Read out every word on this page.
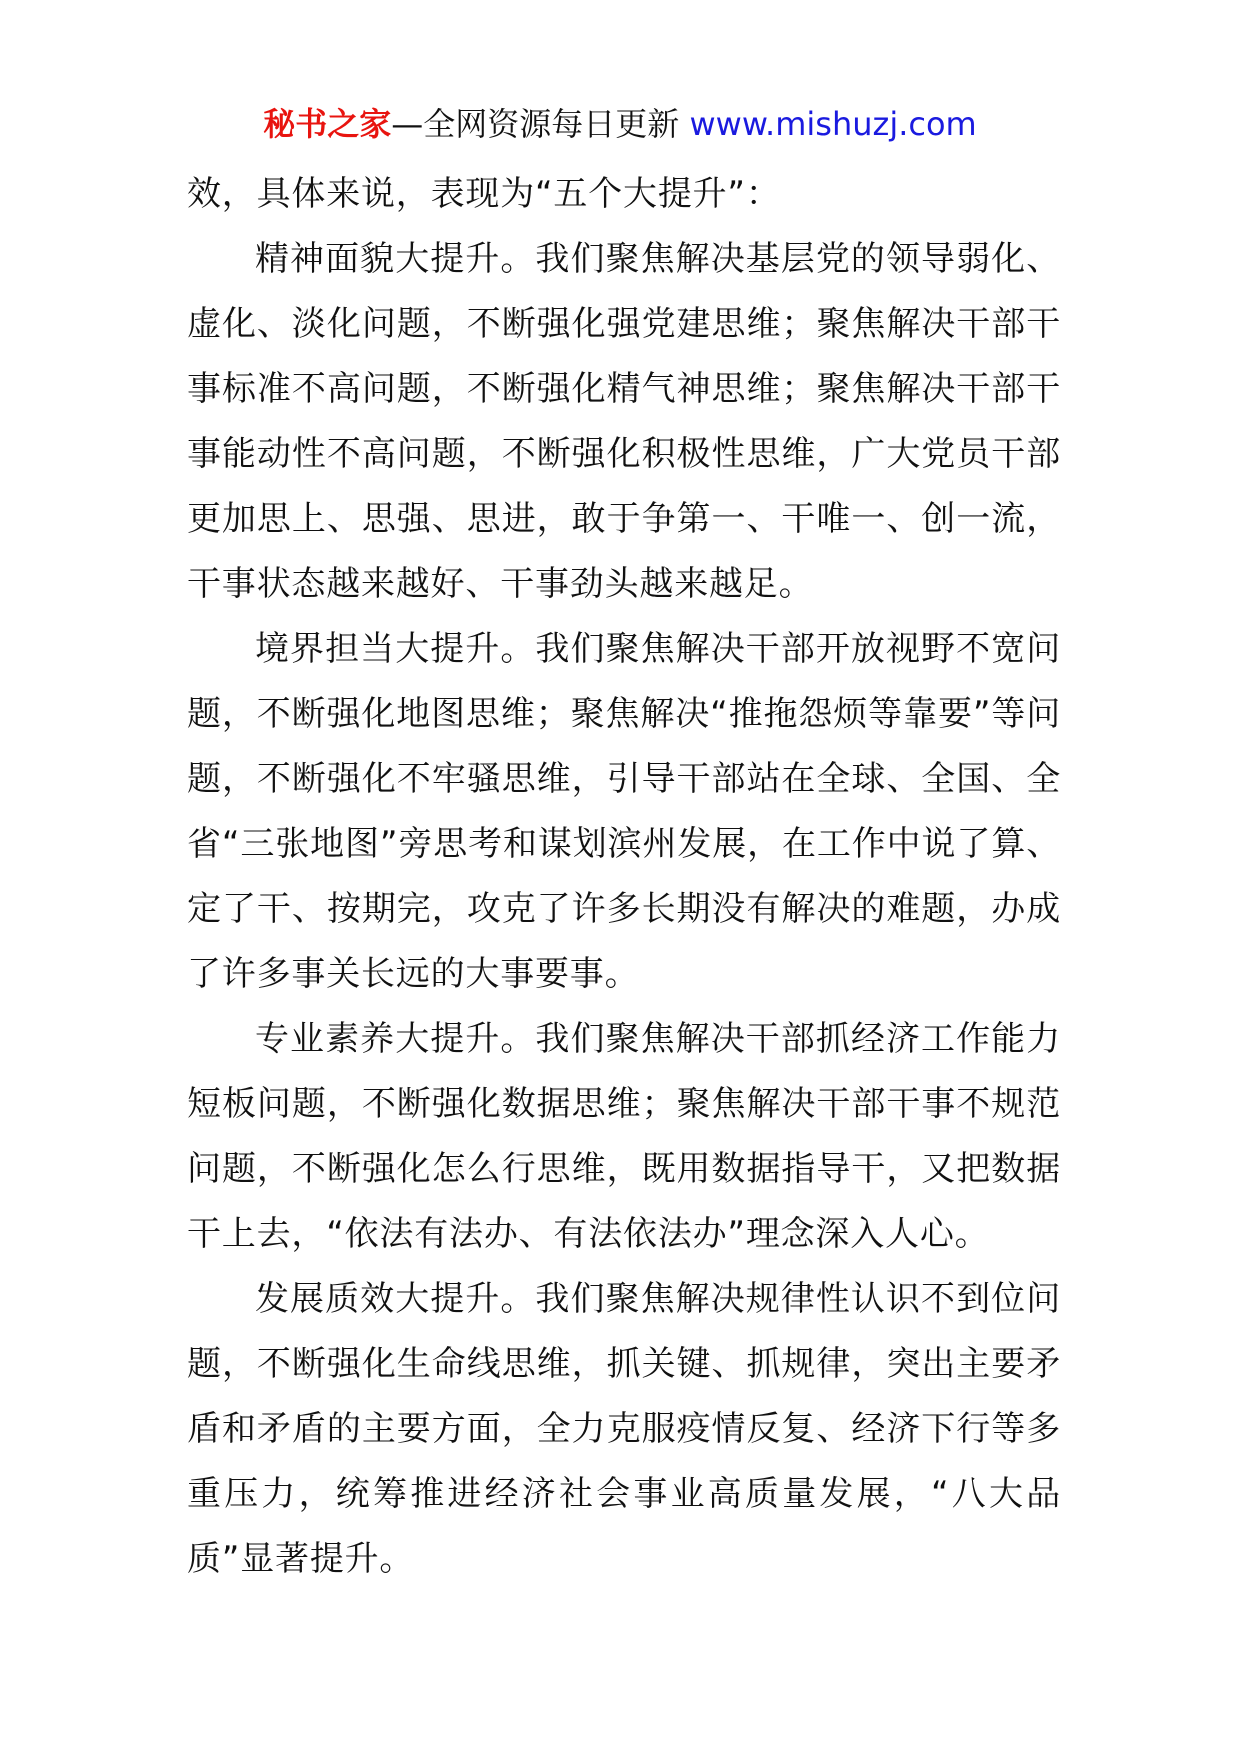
秘书之家—全网资源每日更新 www.mishuzj.com

效，具体来说，表现为“五个大提升”：

精神面貌大提升。我们聚焦解决基层党的领导弱化、虚化、淡化问题，不断强化强党建思维；聚焦解决干部干事标准不高问题，不断强化精气神思维；聚焦解决干部干事能动性不高问题，不断强化积极性思维，广大党员干部更加思上、思强、思进，敢于争第一、干唯一、创一流，干事状态越来越好、干事劲头越来越足。

境界担当大提升。我们聚焦解决干部开放视野不宽问题，不断强化地图思维；聚焦解决“推拖怨烦等靠要”等问题，不断强化不牢骚思维，引导干部站在全球、全国、全省“三张地图”旁思考和谋划滨州发展，在工作中说了算、定了干、按期完，攻克了许多长期没有解决的难题，办成了许多事关长远的大事要事。

专业素养大提升。我们聚焦解决干部抓经济工作能力短板问题，不断强化数据思维；聚焦解决干部干事不规范问题，不断强化怎么行思维，既用数据指导干，又把数据干上去，“依法有法办、有法依法办”理念深入人心。

发展质效大提升。我们聚焦解决规律性认识不到位问题，不断强化生命线思维，抓关键、抓规律，突出主要矛盾和矛盾的主要方面，全力克服疫情反复、经济下行等多重压力，统筹推进经济社会事业高质量发展，“八大品质”显著提升。
